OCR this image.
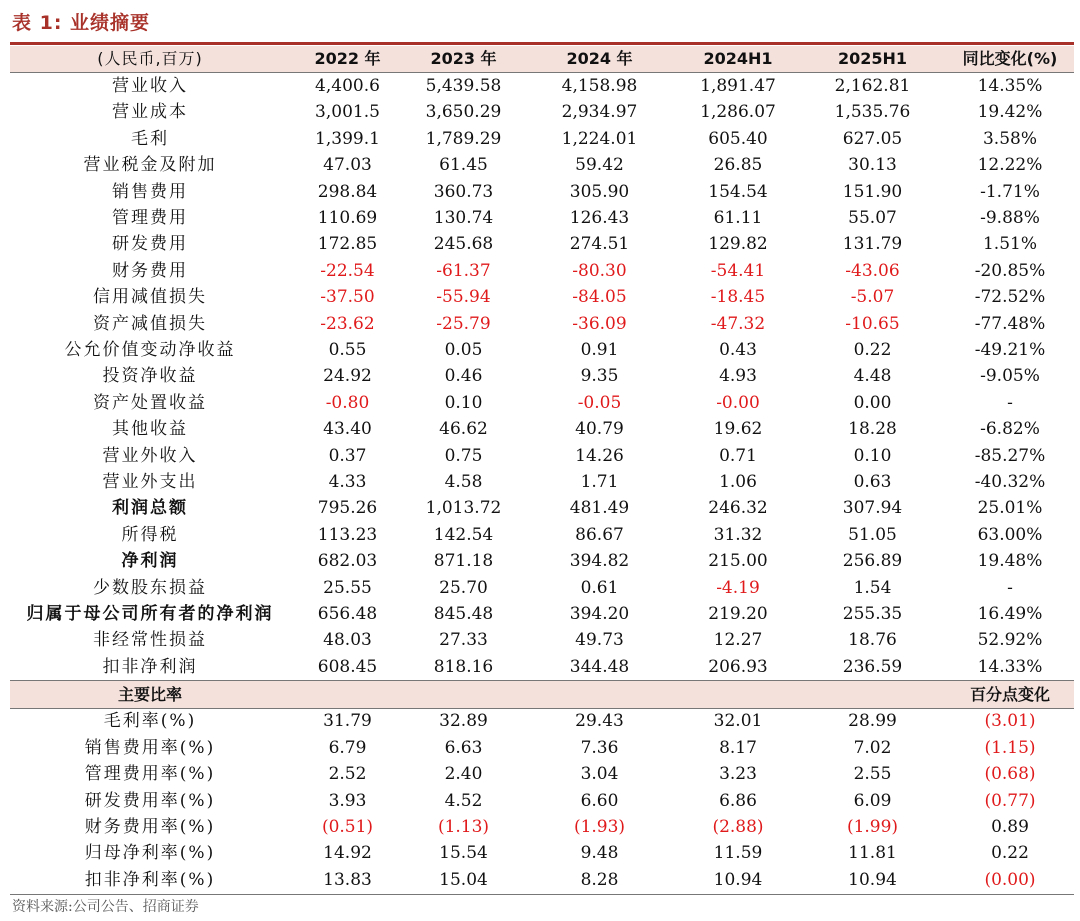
表 1: 业绩摘要
(人民币,百万)	2022 年	2023 年	2024 年	2024H1	2025H1	同比变化(%)
营业收入	4,400.6	5,439.58	4,158.98	1,891.47	2,162.81	14.35%
营业成本	3,001.5	3,650.29	2,934.97	1,286.07	1,535.76	19.42%
毛利	1,399.1	1,789.29	1,224.01	605.40	627.05	3.58%
营业税金及附加	47.03	61.45	59.42	26.85	30.13	12.22%
销售费用	298.84	360.73	305.90	154.54	151.90	-1.71%
管理费用	110.69	130.74	126.43	61.11	55.07	-9.88%
研发费用	172.85	245.68	274.51	129.82	131.79	1.51%
财务费用	-22.54	-61.37	-80.30	-54.41	-43.06	-20.85%
信用减值损失	-37.50	-55.94	-84.05	-18.45	-5.07	-72.52%
资产减值损失	-23.62	-25.79	-36.09	-47.32	-10.65	-77.48%
公允价值变动净收益	0.55	0.05	0.91	0.43	0.22	-49.21%
投资净收益	24.92	0.46	9.35	4.93	4.48	-9.05%
资产处置收益	-0.80	0.10	-0.05	-0.00	0.00	-
其他收益	43.40	46.62	40.79	19.62	18.28	-6.82%
营业外收入	0.37	0.75	14.26	0.71	0.10	-85.27%
营业外支出	4.33	4.58	1.71	1.06	0.63	-40.32%
利润总额	795.26	1,013.72	481.49	246.32	307.94	25.01%
所得税	113.23	142.54	86.67	31.32	51.05	63.00%
净利润	682.03	871.18	394.82	215.00	256.89	19.48%
少数股东损益	25.55	25.70	0.61	-4.19	1.54	-
归属于母公司所有者的净利润	656.48	845.48	394.20	219.20	255.35	16.49%
非经常性损益	48.03	27.33	49.73	12.27	18.76	52.92%
扣非净利润	608.45	818.16	344.48	206.93	236.59	14.33%
主要比率						百分点变化
毛利率(%)	31.79	32.89	29.43	32.01	28.99	(3.01)
销售费用率(%)	6.79	6.63	7.36	8.17	7.02	(1.15)
管理费用率(%)	2.52	2.40	3.04	3.23	2.55	(0.68)
研发费用率(%)	3.93	4.52	6.60	6.86	6.09	(0.77)
财务费用率(%)	(0.51)	(1.13)	(1.93)	(2.88)	(1.99)	0.89
归母净利率(%)	14.92	15.54	9.48	11.59	11.81	0.22
扣非净利率(%)	13.83	15.04	8.28	10.94	10.94	(0.00)
资料来源:公司公告、招商证券
